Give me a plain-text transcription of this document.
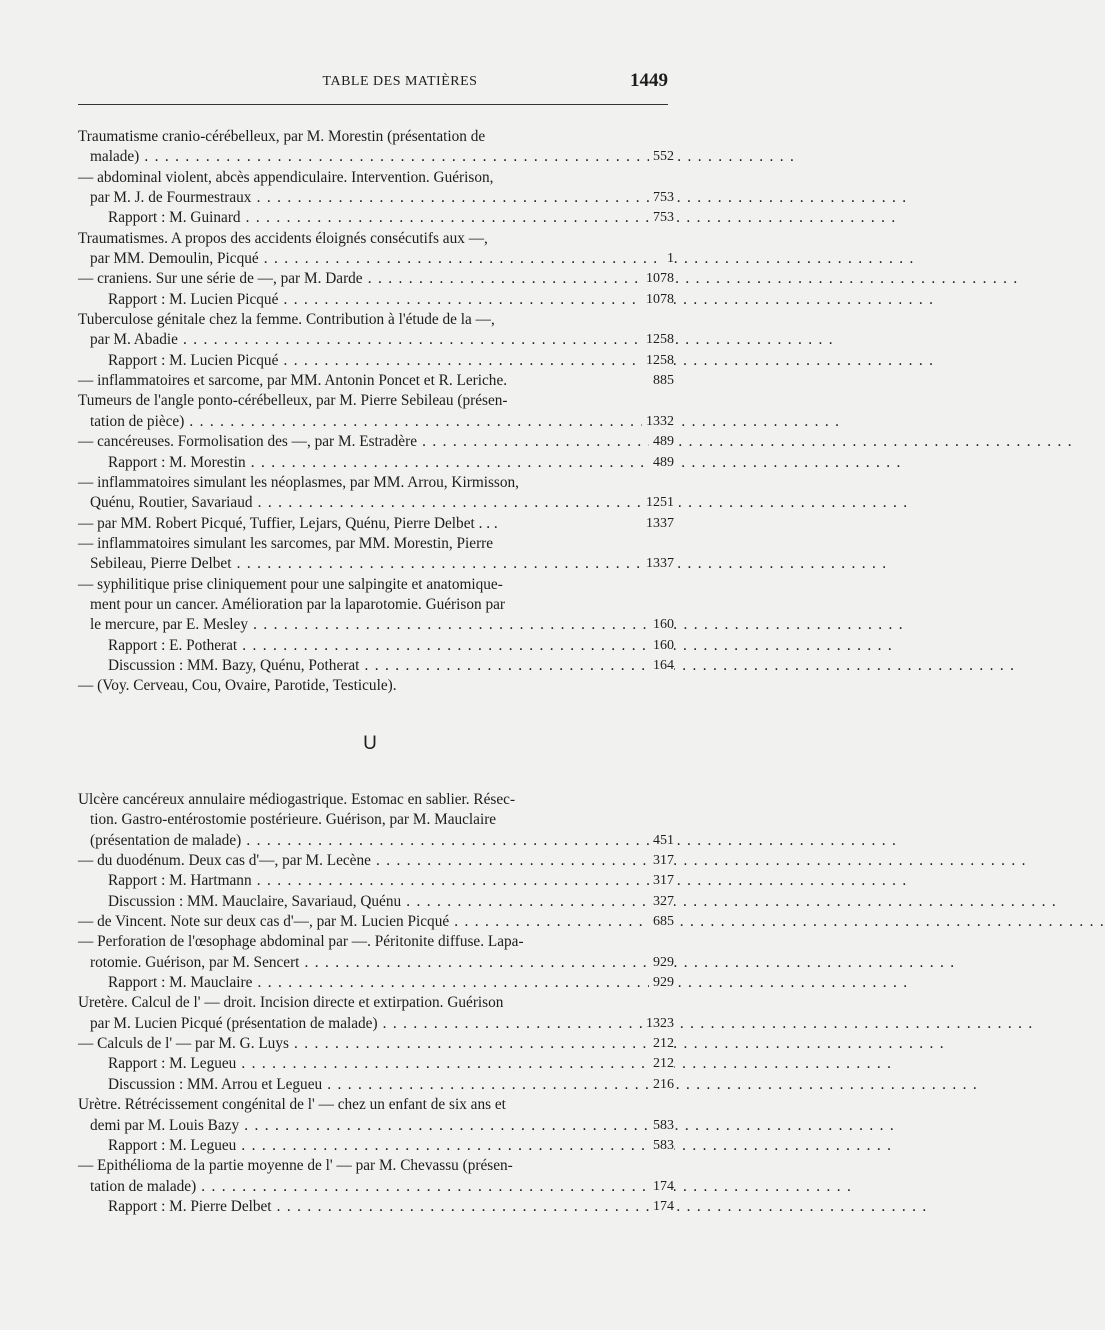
TABLE DES MATIÈRES	1449
Traumatisme cranio-cérébelleux, par M. Morestin (présentation de
malade) . . .	552
— abdominal violent, abcès appendiculaire. Intervention. Guérison,
par M. J. de Fourmestraux . . .	753
Rapport : M. Guinard . . .	753
Traumatismes. A propos des accidents éloignés consécutifs aux —,
par MM. Demoulin, Picqué . . .	1
— craniens. Sur une série de —, par M. Darde . . .	1078
Rapport : M. Lucien Picqué . . .	1078
Tuberculose génitale chez la femme. Contribution à l'étude de la —,
par M. Abadie . . .	1258
Rapport : M. Lucien Picqué . . .	1258
— inflammatoires et sarcome, par MM. Antonin Poncet et R. Leriche.	885
Tumeurs de l'angle ponto-cérébelleux, par M. Pierre Sebileau (présen-
tation de pièce) . . .	1332
— cancéreuses. Formolisation des —, par M. Estradère . . .	489
Rapport : M. Morestin . . .	489
— inflammatoires simulant les néoplasmes, par MM. Arrou, Kirmisson,
Quénu, Routier, Savariaud . . .	1251
— par MM. Robert Picqué, Tuffier, Lejars, Quénu, Pierre Delbet . . .	1337
— inflammatoires simulant les sarcomes, par MM. Morestin, Pierre
Sebileau, Pierre Delbet . . .	1337
— syphilitique prise cliniquement pour une salpingite et anatomique-
ment pour un cancer. Amélioration par la laparotomie. Guérison par
le mercure, par E. Mesley . . .	160
Rapport : E. Potherat . . .	160
Discussion : MM. Bazy, Quénu, Potherat . . .	164
— (Voy. Cerveau, Cou, Ovaire, Parotide, Testicule).
U
Ulcère cancéreux annulaire médiogastrique. Estomac en sablier. Résec-
tion. Gastro-entérostomie postérieure. Guérison, par M. Mauclaire
(présentation de malade) . . .	451
— du duodénum. Deux cas d'—, par M. Lecène . . .	317
Rapport : M. Hartmann . . .	317
Discussion : MM. Mauclaire, Savariaud, Quénu . . .	327
— de Vincent. Note sur deux cas d'—, par M. Lucien Picqué . . .	685
— Perforation de l'œsophage abdominal par —. Péritonite diffuse. Lapa-
rotomie. Guérison, par M. Sencert . . .	929
Rapport : M. Mauclaire . . .	929
Uretère. Calcul de l' — droit. Incision directe et extirpation. Guérison
par M. Lucien Picqué (présentation de malade) . . .	1323
— Calculs de l' — par M. G. Luys . . .	212
Rapport : M. Legueu . . .	212
Discussion : MM. Arrou et Legueu . . .	216
Urètre. Rétrécissement congénital de l' — chez un enfant de six ans et
demi par M. Louis Bazy . . .	583
Rapport : M. Legueu . . .	583
— Epithélioma de la partie moyenne de l' — par M. Chevassu (présen-
tation de malade) . . .	174
Rapport : M. Pierre Delbet . . .	174
